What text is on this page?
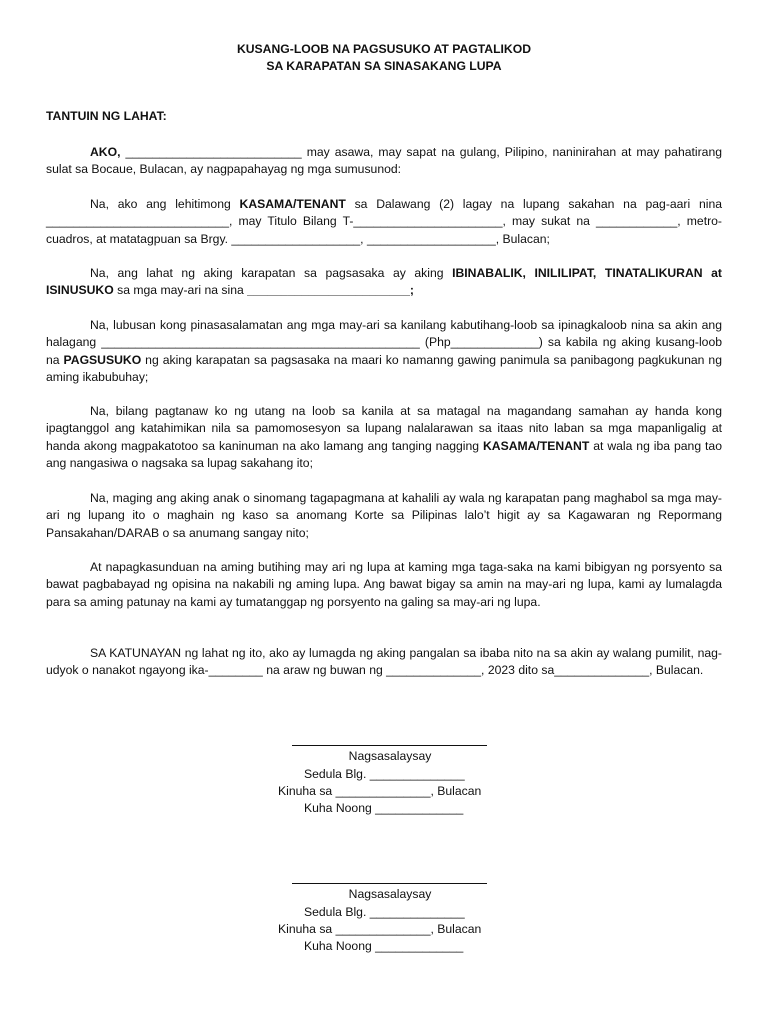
KUSANG-LOOB NA PAGSUSUKO AT PAGTALIKOD
SA KARAPATAN SA SINASAKANG LUPA

TANTUIN NG LAHAT:

AKO, __________________________ may asawa, may sapat na gulang, Pilipino, naninirahan at may pahatirang sulat sa Bocaue, Bulacan, ay nagpapahayag ng mga sumusunod:

Na, ako ang lehitimong KASAMA/TENANT sa Dalawang (2) lagay na lupang sakahan na pag-aari nina ___________________________, may Titulo Bilang T-______________________, may sukat na ____________, metro-cuadros, at matatagpuan sa Brgy. ___________________, ___________________, Bulacan;

Na, ang lahat ng aking karapatan sa pagsasaka ay aking IBINABALIK, INILILIPAT, TINATALIKURAN at ISINUSUKO sa mga may-ari na sina ________________________;

Na, lubusan kong pinasasalamatan ang mga may-ari sa kanilang kabutihang-loob sa ipinagkaloob nina sa akin ang halagang _______________________________________________ (Php_____________) sa kabila ng aking kusang-loob na PAGSUSUKO ng aking karapatan sa pagsasaka na maari ko namanng gawing panimula sa panibagong pagkukunan ng aming ikabubuhay;

Na, bilang pagtanaw ko ng utang na loob sa kanila at sa matagal na magandang samahan ay handa kong ipagtanggol ang katahimikan nila sa pamomosesyon sa lupang nalalarawan sa itaas nito laban sa mga mapanligalig at handa akong magpakatotoo sa kaninuman na ako lamang ang tanging nagging KASAMA/TENANT at wala ng iba pang tao ang nangasiwa o nagsaka sa lupag sakahang ito;

Na, maging ang aking anak o sinomang tagapagmana at kahalili ay wala ng karapatan pang maghabol sa mga may-ari ng lupang ito o maghain ng kaso sa anomang Korte sa Pilipinas lalo’t higit ay sa Kagawaran ng Repormang Pansakahan/DARAB o sa anumang sangay nito;

At napagkasunduan na aming butihing may ari ng lupa at kaming mga taga-saka na kami bibigyan ng porsyento sa bawat pagbabayad ng opisina na nakabili ng aming lupa. Ang bawat bigay sa amin na may-ari ng lupa, kami ay lumalagda para sa aming patunay na kami ay tumatanggap ng porsyento na galing sa may-ari ng lupa.

SA KATUNAYAN ng lahat ng ito, ako ay lumagda ng aking pangalan sa ibaba nito na sa akin ay walang pumilit, nag-udyok o nanakot ngayong ika-________ na araw ng buwan ng ______________, 2023 dito sa______________, Bulacan.

Nagsasalaysay
Sedula Blg. ______________
Kinuha sa ______________, Bulacan
Kuha Noong _____________
Nagsasalaysay
Sedula Blg. ______________
Kinuha sa ______________, Bulacan
Kuha Noong _____________
